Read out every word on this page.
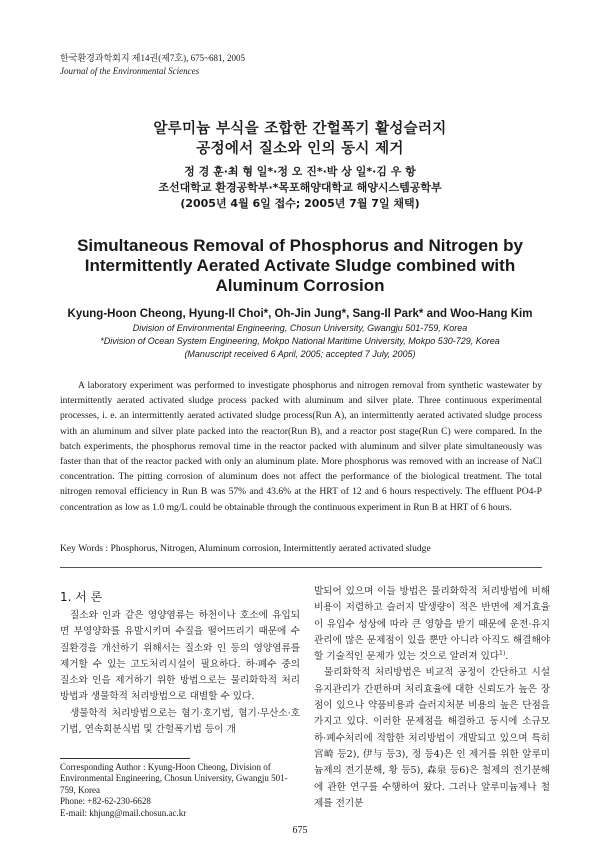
한국환경과학회지 제14권(제7호), 675~681, 2005
Journal of the Environmental Sciences
알루미늄 부식을 조합한 간헐폭기 활성슬러지
공정에서 질소와 인의 동시 제거
정 경 훈·최 형 일*·정 오 진*·박 상 일*·김 우 항
조선대학교 환경공학부·*목포해양대학교 해양시스템공학부
(2005년 4월 6일 접수; 2005년 7월 7일 채택)
Simultaneous Removal of Phosphorus and Nitrogen by
Intermittently Aerated Activate Sludge combined with
Aluminum Corrosion
Kyung-Hoon Cheong, Hyung-Il Choi*, Oh-Jin Jung*, Sang-Il Park* and Woo-Hang Kim
Division of Environmental Engineering, Chosun University, Gwangju 501-759, Korea
*Division of Ocean System Engineering, Mokpo National Maritime University, Mokpo 530-729, Korea
(Manuscript received 6 April, 2005; accepted 7 July, 2005)
A laboratory experiment was performed to investigate phosphorus and nitrogen removal from synthetic wastewater by intermittently aerated activated sludge process packed with aluminum and silver plate. Three continuous experimental processes, i. e. an intermittently aerated activated sludge process(Run A), an intermittently aerated activated sludge process with an aluminum and silver plate packed into the reactor(Run B), and a reactor post stage(Run C) were compared. In the batch experiments, the phosphorus removal time in the reactor packed with aluminum and silver plate simultaneously was faster than that of the reactor packed with only an aluminum plate. More phosphorus was removed with an increase of NaCl concentration. The pitting corrosion of aluminum does not affect the performance of the biological treatment. The total nitrogen removal efficiency in Run B was 57% and 43.6% at the HRT of 12 and 6 hours respectively. The effluent PO4-P concentration as low as 1.0 mg/L could be obtainable through the continuous experiment in Run B at HRT of 6 hours.
Key Words : Phosphorus, Nitrogen, Aluminum corrosion, Intermittently aerated activated sludge
1. 서 론

질소와 인과 같은 영양염류는 하천이나 호소에 유입되면 부영양화를 유발시키며 수질을 떨어뜨리기 때문에 수질환경을 개선하기 위해서는 질소와 인 등의 영양염류를 제거할 수 있는 고도처리시설이 필요하다. 하·폐수 중의 질소와 인을 제거하기 위한 방법으로는 물리화학적 처리방법과 생물학적 처리방법으로 대별할 수 있다.

생물학적 처리방법으로는 혐기·호기법, 혐기·무산소·호기법, 연속회분식법 및 간헐폭기법 등이 개

발되어 있으며 이들 방법은 물리화학적 처리방법에 비해 비용이 저렴하고 슬러지 발생량이 적은 반면에 제거효율이 유입수 성상에 따라 큰 영향을 받기 때문에 운전·유지 관리에 많은 문제점이 있을 뿐만 아니라 아직도 해결해야 할 기술적인 문제가 있는 것으로 알려져 있다$^{1)}$.

물리화학적 처리방법은 비교적 공정이 간단하고 시설유지관리가 간편하며 처리효율에 대한 신뢰도가 높은 장점이 있으나 약품비용과 슬러지처분 비용의 높은 단점을 가지고 있다. 이러한 문제점을 해결하고 동시에 소규모 하·폐수처리에 적합한 처리방법이 개발되고 있으며 특히 宮崎 등2), 伊与 등3), 정 등4)은 인 제거를 위한 알루미늄제의 전기분해, 황 등5), 森泉 등6)은 철제의 전기분해에 관한 연구를 수행하여 왔다. 그러나 알루미늄제나 철제를 전기분

Corresponding Author : Kyung-Hoon Cheong, Division of Environmental Engineering, Chosun University, Gwangju 501-759, Korea
Phone: +82-62-230-6628
E-mail: khjung@mail.chosun.ac.kr
675
